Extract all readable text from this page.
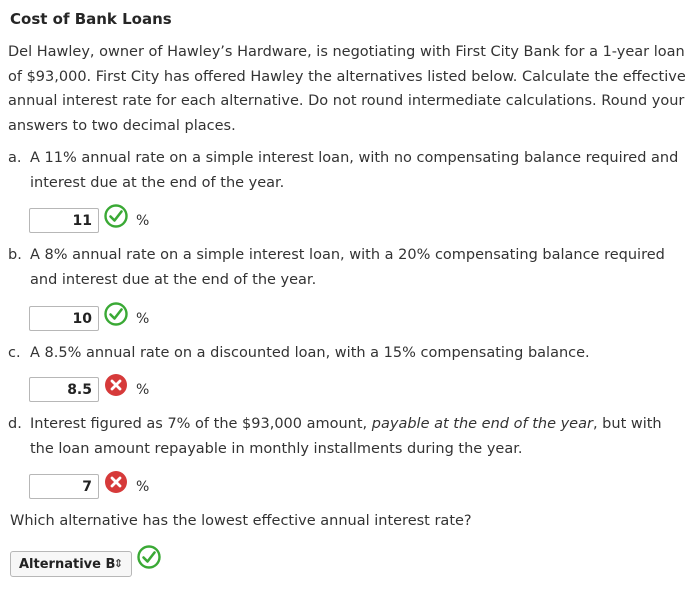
Cost of Bank Loans
Del Hawley, owner of Hawley’s Hardware, is negotiating with First City Bank for a 1-year loan of $93,000. First City has offered Hawley the alternatives listed below. Calculate the effective annual interest rate for each alternative. Do not round intermediate calculations. Round your answers to two decimal places.
a. A 11% annual rate on a simple interest loan, with no compensating balance required and interest due at the end of the year.
11	%
b. A 8% annual rate on a simple interest loan, with a 20% compensating balance required and interest due at the end of the year.
10	%
c. A 8.5% annual rate on a discounted loan, with a 15% compensating balance.
8.5	%
d. Interest figured as 7% of the $93,000 amount, payable at the end of the year, but with the loan amount repayable in monthly installments during the year.
7	%
Which alternative has the lowest effective annual interest rate?
Alternative B
⇕
